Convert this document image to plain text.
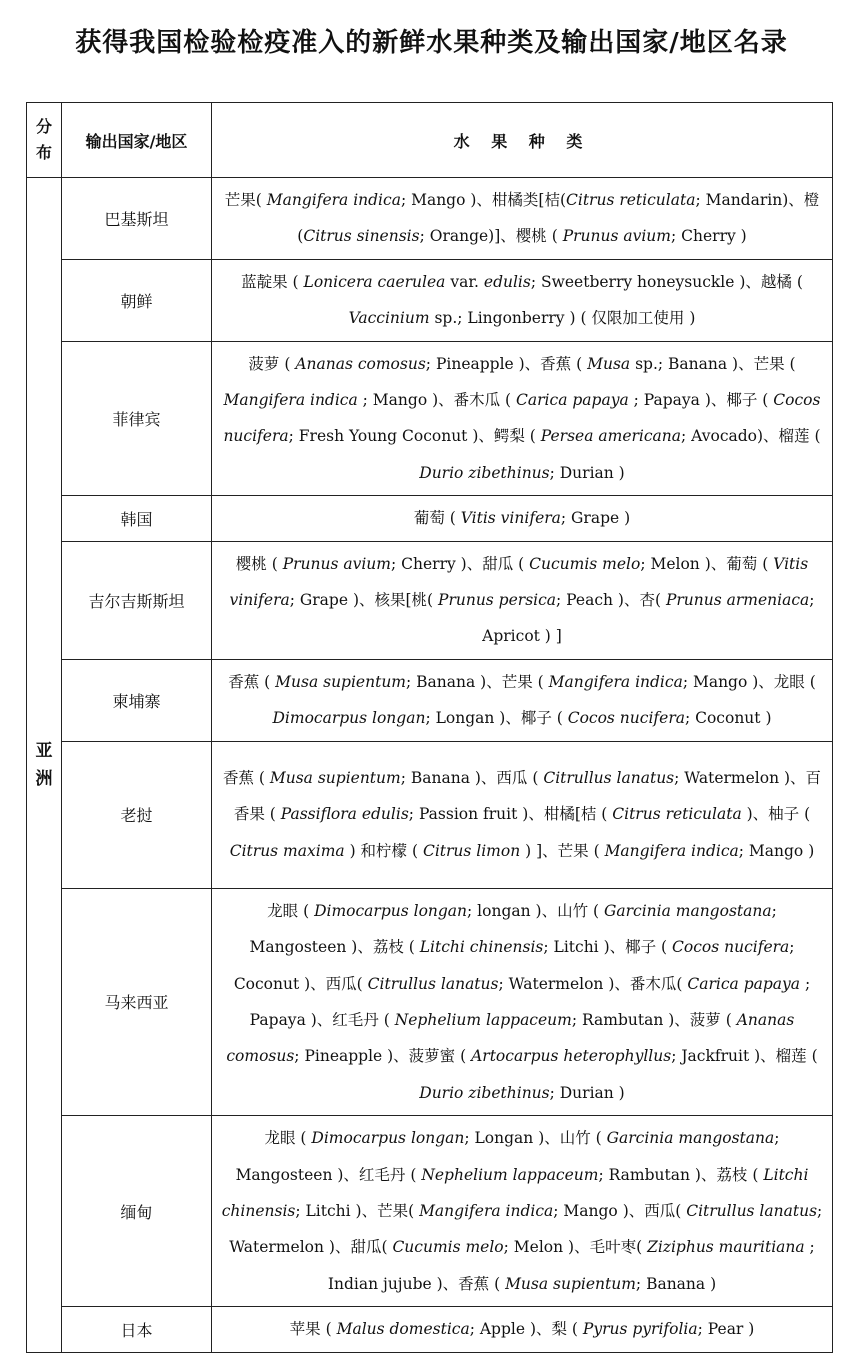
获得我国检验检疫准入的新鲜水果种类及输出国家/地区名录
分布	输出国家/地区	水 果 种 类
亚洲	巴基斯坦	芒果( Mangifera indica; Mango )、柑橘类[桔(Citrus reticulata; Mandarin)、橙(Citrus sinensis; Orange)]、樱桃 ( Prunus avium; Cherry )
	朝鲜	蓝靛果 ( Lonicera caerulea var. edulis; Sweetberry honeysuckle )、越橘 ( Vaccinium sp.; Lingonberry ) ( 仅限加工使用 )
	菲律宾	菠萝 ( Ananas comosus; Pineapple )、香蕉 ( Musa sp.; Banana )、芒果 ( Mangifera indica ; Mango )、番木瓜 ( Carica papaya ; Papaya )、椰子 ( Cocos nucifera; Fresh Young Coconut )、鳄梨 ( Persea americana; Avocado)、榴莲 ( Durio zibethinus; Durian )
	韩国	葡萄 ( Vitis vinifera; Grape )
	吉尔吉斯斯坦	樱桃 ( Prunus avium; Cherry )、甜瓜 ( Cucumis melo; Melon )、葡萄 ( Vitis vinifera; Grape )、核果[桃( Prunus persica; Peach )、杏( Prunus armeniaca; Apricot ) ]
	柬埔寨	香蕉 ( Musa supientum; Banana )、芒果 ( Mangifera indica; Mango )、龙眼 ( Dimocarpus longan; Longan )、椰子 ( Cocos nucifera; Coconut )
	老挝	香蕉 ( Musa supientum; Banana )、西瓜 ( Citrullus lanatus; Watermelon )、百香果 ( Passiflora edulis; Passion fruit )、柑橘[桔 ( Citrus reticulata )、柚子 ( Citrus maxima ) 和柠檬 ( Citrus limon ) ]、芒果 ( Mangifera indica; Mango )
	马来西亚	龙眼 ( Dimocarpus longan; longan )、山竹 ( Garcinia mangostana; Mangosteen )、荔枝 ( Litchi chinensis; Litchi )、椰子 ( Cocos nucifera; Coconut )、西瓜( Citrullus lanatus; Watermelon )、番木瓜( Carica papaya ; Papaya )、红毛丹 ( Nephelium lappaceum; Rambutan )、菠萝 ( Ananas comosus; Pineapple )、菠萝蜜 ( Artocarpus heterophyllus; Jackfruit )、榴莲 ( Durio zibethinus; Durian )
	缅甸	龙眼 ( Dimocarpus longan; Longan )、山竹 ( Garcinia mangostana; Mangosteen )、红毛丹 ( Nephelium lappaceum; Rambutan )、荔枝 ( Litchi chinensis; Litchi )、芒果( Mangifera indica; Mango )、西瓜( Citrullus lanatus; Watermelon )、甜瓜( Cucumis melo; Melon )、毛叶枣( Ziziphus mauritiana ; Indian jujube )、香蕉 ( Musa supientum; Banana )
	日本	苹果 ( Malus domestica; Apple )、梨 ( Pyrus pyrifolia; Pear )
